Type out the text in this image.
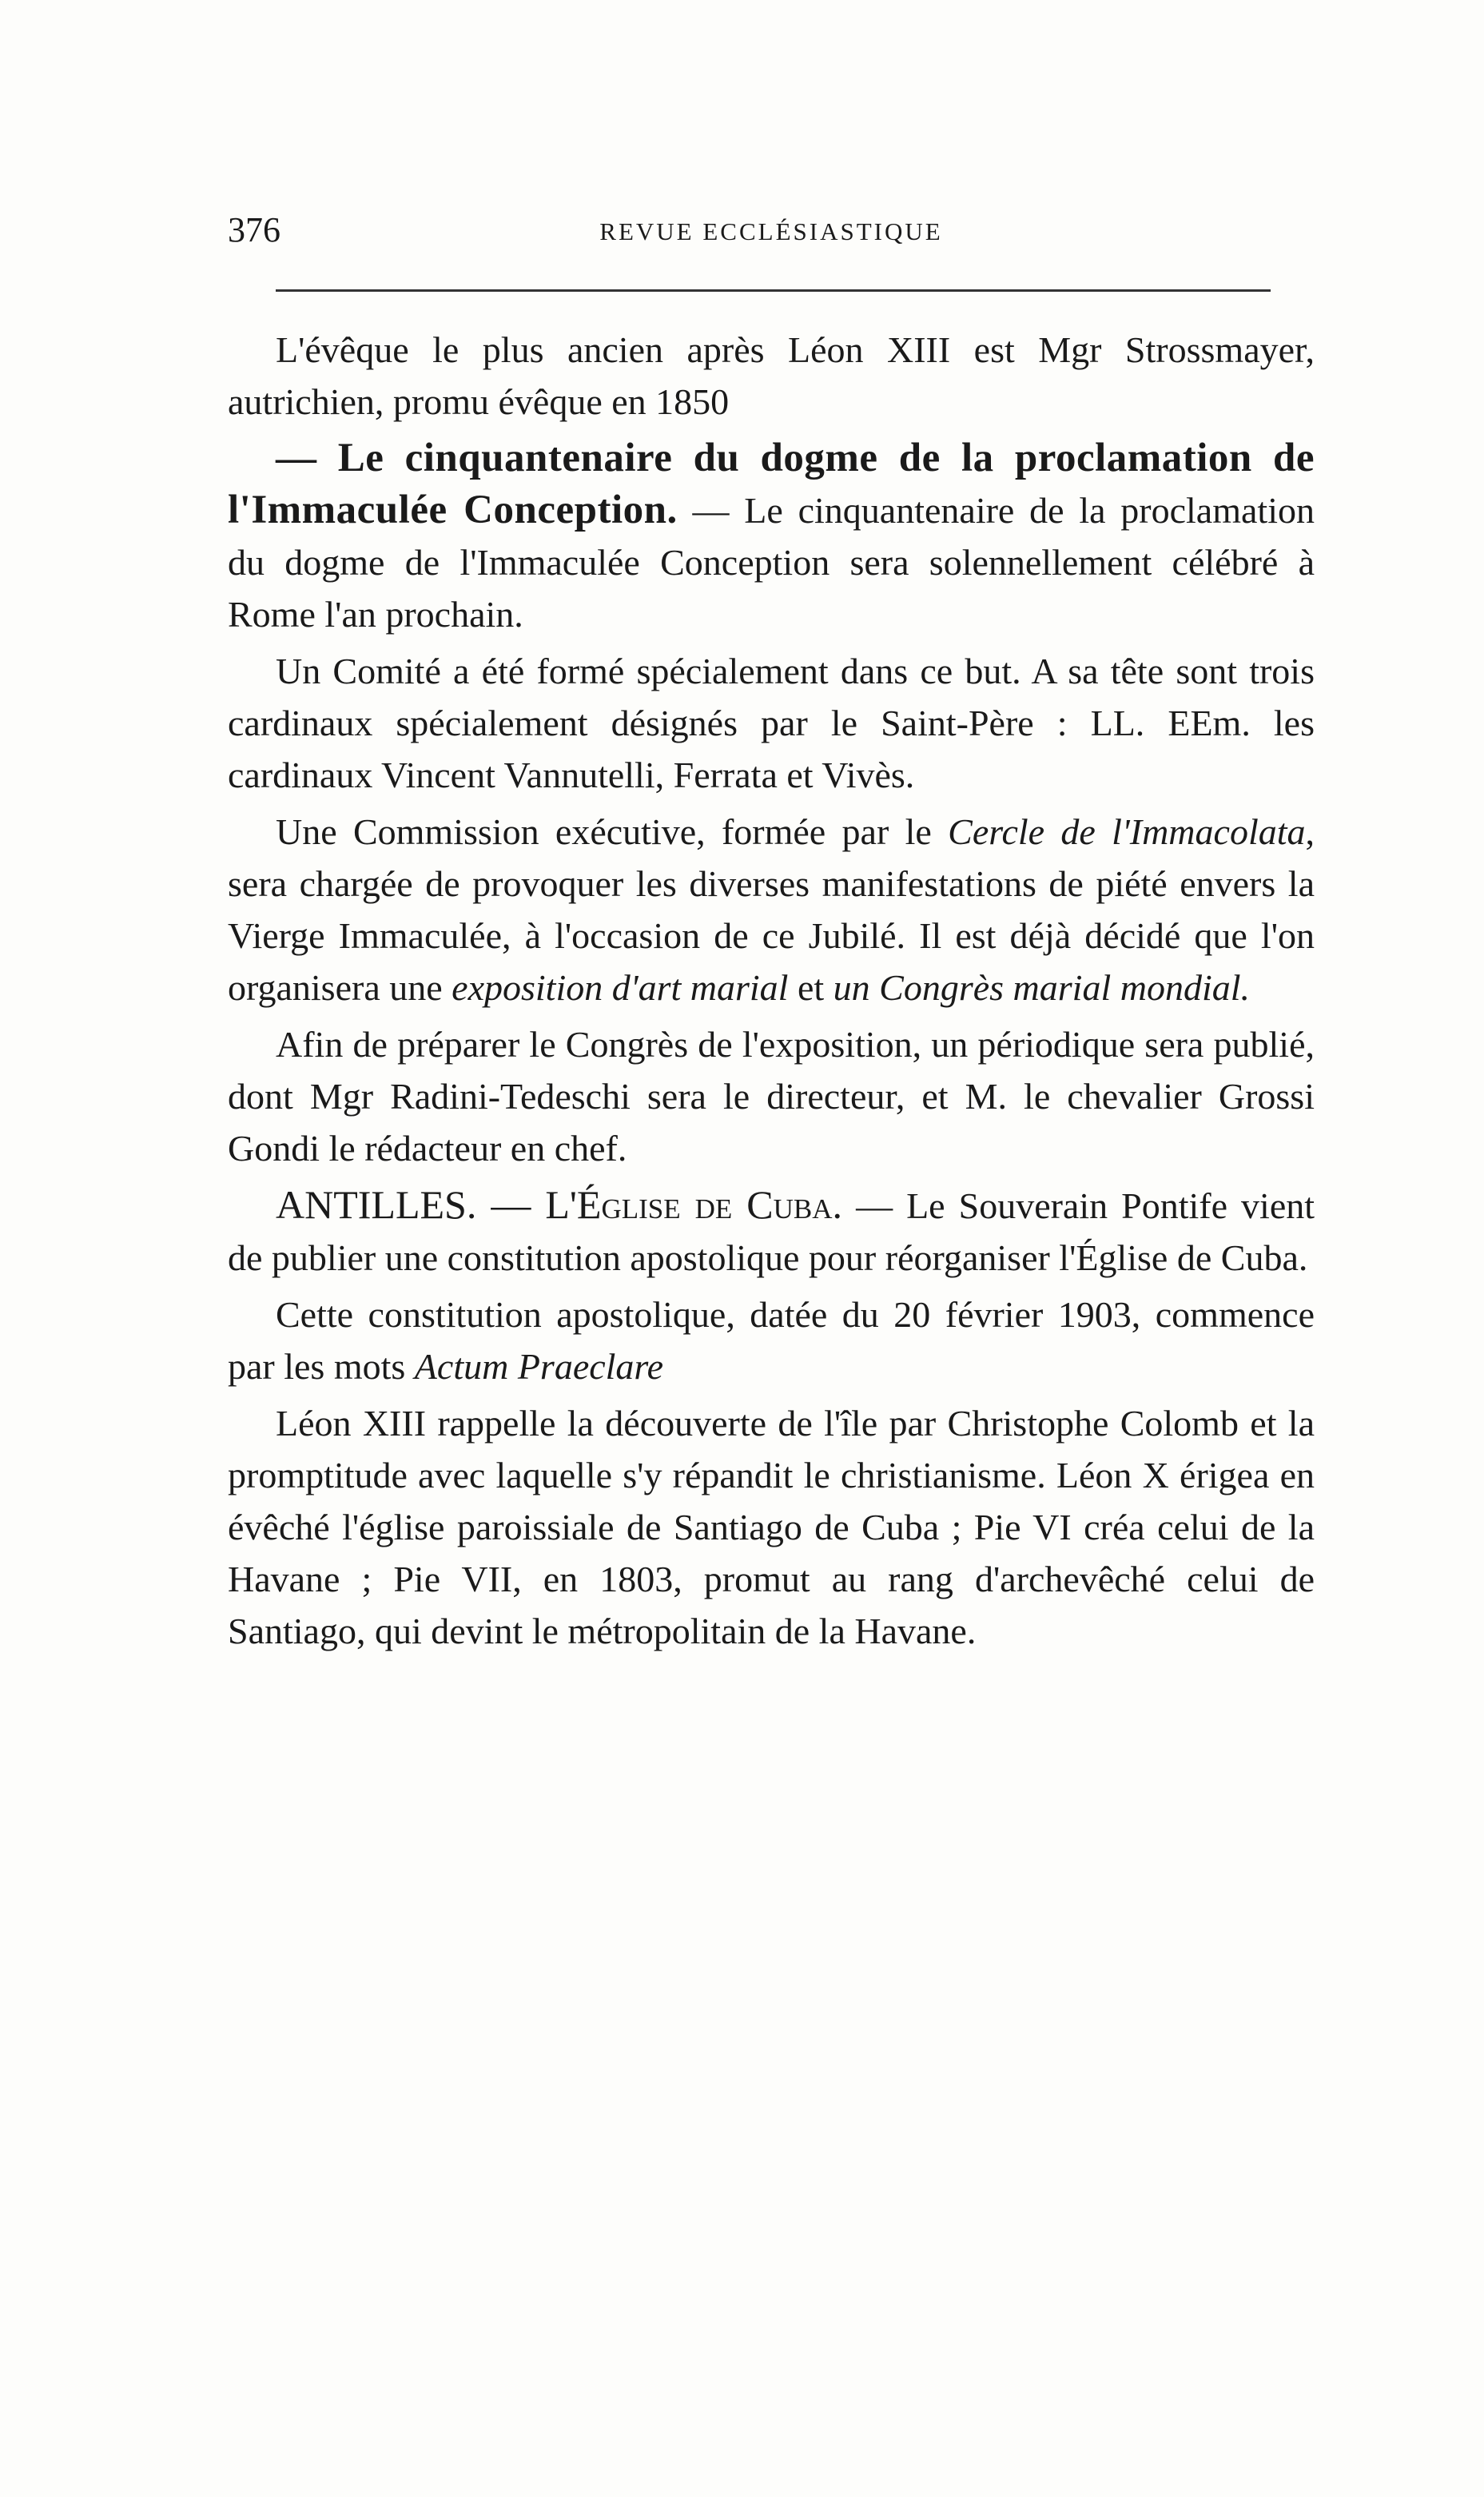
376	REVUE ECCLÉSIASTIQUE

L'évêque le plus ancien après Léon XIII est Mgr Strossmayer, autrichien, promu évêque en 1850

— Le cinquantenaire du dogme de la proclamation de l'Immaculée Conception. — Le cinquantenaire de la proclamation du dogme de l'Immaculée Conception sera solennellement célébré à Rome l'an prochain.

Un Comité a été formé spécialement dans ce but. A sa tête sont trois cardinaux spécialement désignés par le Saint-Père : LL. EEm. les cardinaux Vincent Vannutelli, Ferrata et Vivès.

Une Commission exécutive, formée par le Cercle de l'Immacolata, sera chargée de provoquer les diverses manifestations de piété envers la Vierge Immaculée, à l'occasion de ce Jubilé. Il est déjà décidé que l'on organisera une exposition d'art marial et un Congrès marial mondial.

Afin de préparer le Congrès de l'exposition, un périodique sera publié, dont Mgr Radini-Tedeschi sera le directeur, et M. le chevalier Grossi Gondi le rédacteur en chef.

ANTILLES. — L'Église de Cuba. — Le Souverain Pontife vient de publier une constitution apostolique pour réorganiser l'Église de Cuba.

Cette constitution apostolique, datée du 20 février 1903, commence par les mots Actum Praeclare

Léon XIII rappelle la découverte de l'île par Christophe Colomb et la promptitude avec laquelle s'y répandit le christianisme. Léon X érigea en évêché l'église paroissiale de Santiago de Cuba ; Pie VI créa celui de la Havane ; Pie VII, en 1803, promut au rang d'archevêché celui de Santiago, qui devint le métropolitain de la Havane.
